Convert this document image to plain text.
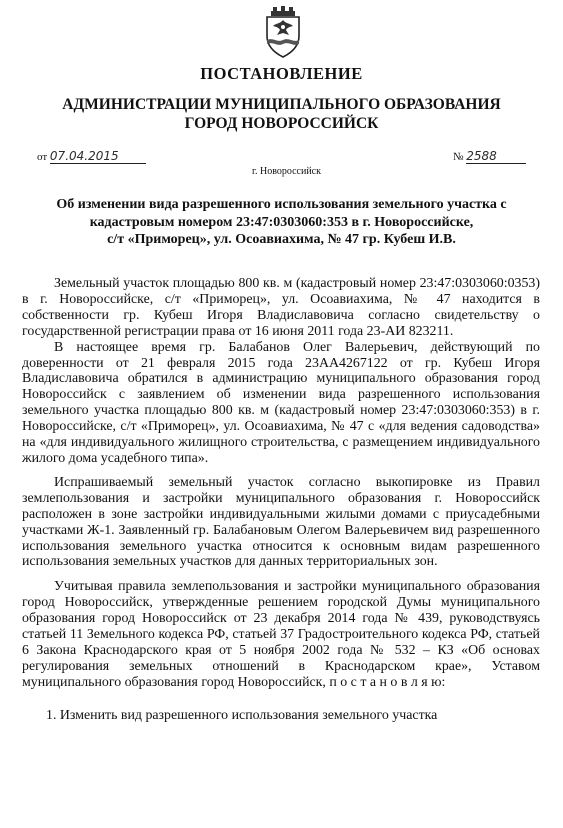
ПОСТАНОВЛЕНИЕ
АДМИНИСТРАЦИИ МУНИЦИПАЛЬНОГО ОБРАЗОВАНИЯ
ГОРОД НОВОРОССИЙСК
от 07.04.2015
г. Новороссийск
№ 2588
Об изменении вида разрешенного использования земельного участка с
кадастровым номером 23:47:0303060:353 в г. Новороссийске,
с/т «Приморец», ул. Осоавиахима, № 47 гр. Кубеш И.В.

Земельный участок площадью 800 кв. м (кадастровый номер 23:47:0303060:0353) в г. Новороссийске, с/т «Приморец», ул. Осоавиахима, № 47 находится в собственности гр. Кубеш Игоря Владиславовича согласно свидетельству о государственной регистрации права от 16 июня 2011 года 23-АИ 823211.

В настоящее время гр. Балабанов Олег Валерьевич, действующий по доверенности от 21 февраля 2015 года 23АА4267122 от гр. Кубеш Игоря Владиславовича обратился в администрацию муниципального образования город Новороссийск с заявлением об изменении вида разрешенного использования земельного участка площадью 800 кв. м (кадастровый номер 23:47:0303060:353) в г. Новороссийске, с/т «Приморец», ул. Осоавиахима, № 47 с «для ведения садоводства» на «для индивидуального жилищного строительства, с размещением индивидуального жилого дома усадебного типа».

Испрашиваемый земельный участок согласно выкопировке из Правил землепользования и застройки муниципального образования г. Новороссийск расположен в зоне застройки индивидуальными жилыми домами с приусадебными участками Ж-1. Заявленный гр. Балабановым Олегом Валерьевичем вид разрешенного использования земельного участка относится к основным видам разрешенного использования земельных участков для данных территориальных зон.

Учитывая правила землепользования и застройки муниципального образования город Новороссийск, утвержденные решением городской Думы муниципального образования город Новороссийск от 23 декабря 2014 года № 439, руководствуясь статьей 11 Земельного кодекса РФ, статьей 37 Градостроительного кодекса РФ, статьей 6 Закона Краснодарского края от 5 ноября 2002 года № 532 – КЗ «Об основах регулирования земельных отношений в Краснодарском крае», Уставом муниципального образования город Новороссийск, п о с т а н о в л я ю:

1. Изменить вид разрешенного использования земельного участка
